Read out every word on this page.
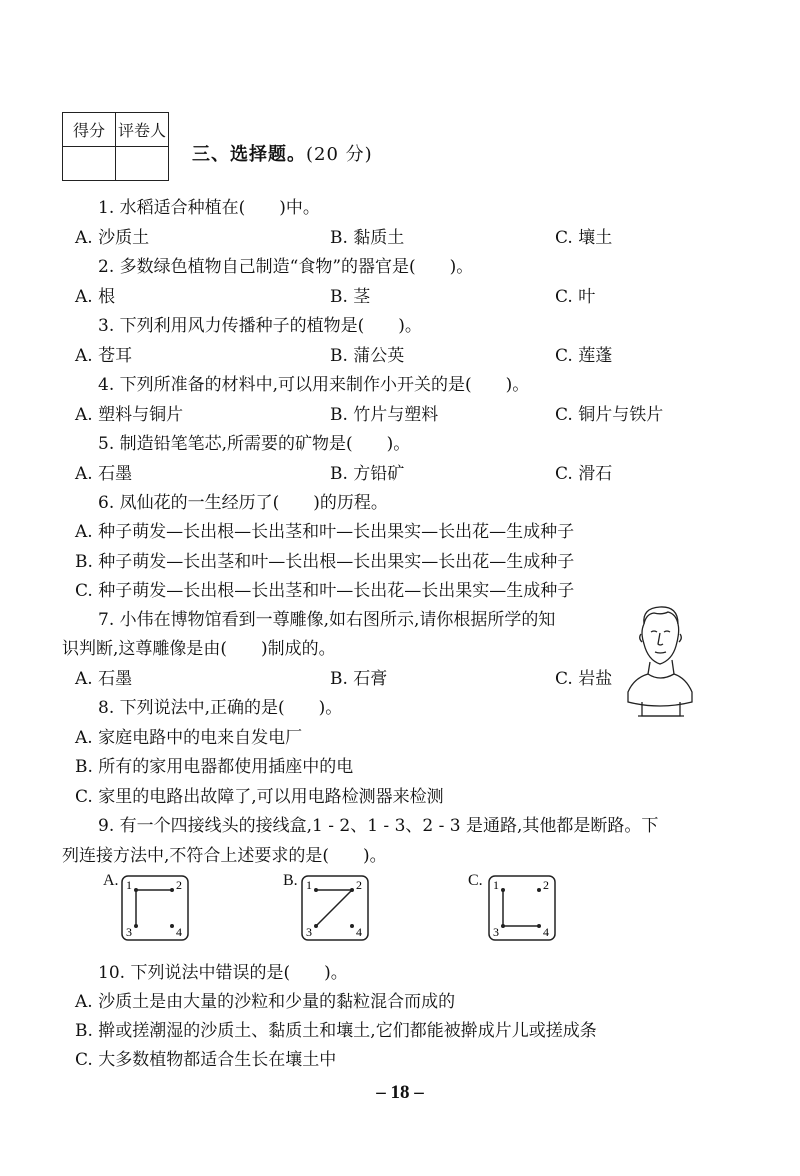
得分	评卷人

三、选择题。(20 分)
1. 水稻适合种植在(　　)中。
A. 沙质土	B. 黏质土	C. 壤土
2. 多数绿色植物自己制造“食物”的器官是(　　)。
A. 根	B. 茎	C. 叶
3. 下列利用风力传播种子的植物是(　　)。
A. 苍耳	B. 蒲公英	C. 莲蓬
4. 下列所准备的材料中,可以用来制作小开关的是(　　)。
A. 塑料与铜片	B. 竹片与塑料	C. 铜片与铁片
5. 制造铅笔笔芯,所需要的矿物是(　　)。
A. 石墨	B. 方铅矿	C. 滑石
6. 凤仙花的一生经历了(　　)的历程。
A. 种子萌发—长出根—长出茎和叶—长出果实—长出花—生成种子
B. 种子萌发—长出茎和叶—长出根—长出果实—长出花—生成种子
C. 种子萌发—长出根—长出茎和叶—长出花—长出果实—生成种子
7. 小伟在博物馆看到一尊雕像,如右图所示,请你根据所学的知
识判断,这尊雕像是由(　　)制成的。
A. 石墨	B. 石膏	C. 岩盐
8. 下列说法中,正确的是(　　)。
A. 家庭电路中的电来自发电厂
B. 所有的家用电器都使用插座中的电
C. 家里的电路出故障了,可以用电路检测器来检测
9. 有一个四接线头的接线盒,1 - 2、1 - 3、2 - 3 是通路,其他都是断路。下
列连接方法中,不符合上述要求的是(　　)。
A. 1	2
3	4
B. 1	2
3	4
C. 1	2
3	4
10. 下列说法中错误的是(　　)。
A. 沙质土是由大量的沙粒和少量的黏粒混合而成的
B. 擀或搓潮湿的沙质土、黏质土和壤土,它们都能被擀成片儿或搓成条
C. 大多数植物都适合生长在壤土中
– 18 –
